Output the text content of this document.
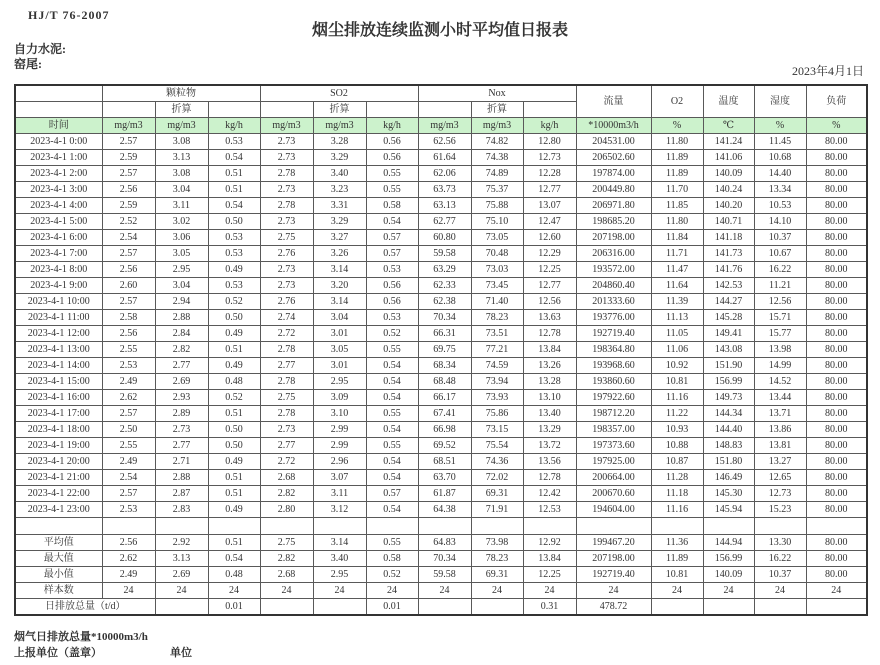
HJ/T 76-2007
烟尘排放连续监测小时平均值日报表
自力水泥:
窑尾:	2023年4月1日
	颗粒物			SO2			Nox			流量	O2	温度	湿度	负荷
		折算			折算			折算						
时间	mg/m3	mg/m3	kg/h	mg/m3	mg/m3	kg/h	mg/m3	mg/m3	kg/h	*10000m3/h	%	℃	%	%
2023-4-1 0:00	2.57	3.08	0.53	2.73	3.28	0.56	62.56	74.82	12.80	204531.00	11.80	141.24	11.45	80.00
2023-4-1 1:00	2.59	3.13	0.54	2.73	3.29	0.56	61.64	74.38	12.73	206502.60	11.89	141.06	10.68	80.00
2023-4-1 2:00	2.57	3.08	0.51	2.78	3.40	0.55	62.06	74.89	12.28	197874.00	11.89	140.09	14.40	80.00
2023-4-1 3:00	2.56	3.04	0.51	2.73	3.23	0.55	63.73	75.37	12.77	200449.80	11.70	140.24	13.34	80.00
2023-4-1 4:00	2.59	3.11	0.54	2.78	3.31	0.58	63.13	75.88	13.07	206971.80	11.85	140.20	10.53	80.00
2023-4-1 5:00	2.52	3.02	0.50	2.73	3.29	0.54	62.77	75.10	12.47	198685.20	11.80	140.71	14.10	80.00
2023-4-1 6:00	2.54	3.06	0.53	2.75	3.27	0.57	60.80	73.05	12.60	207198.00	11.84	141.18	10.37	80.00
2023-4-1 7:00	2.57	3.05	0.53	2.76	3.26	0.57	59.58	70.48	12.29	206316.00	11.71	141.73	10.67	80.00
2023-4-1 8:00	2.56	2.95	0.49	2.73	3.14	0.53	63.29	73.03	12.25	193572.00	11.47	141.76	16.22	80.00
2023-4-1 9:00	2.60	3.04	0.53	2.73	3.20	0.56	62.33	73.45	12.77	204860.40	11.64	142.53	11.21	80.00
2023-4-1 10:00	2.57	2.94	0.52	2.76	3.14	0.56	62.38	71.40	12.56	201333.60	11.39	144.27	12.56	80.00
2023-4-1 11:00	2.58	2.88	0.50	2.74	3.04	0.53	70.34	78.23	13.63	193776.00	11.13	145.28	15.71	80.00
2023-4-1 12:00	2.56	2.84	0.49	2.72	3.01	0.52	66.31	73.51	12.78	192719.40	11.05	149.41	15.77	80.00
2023-4-1 13:00	2.55	2.82	0.51	2.78	3.05	0.55	69.75	77.21	13.84	198364.80	11.06	143.08	13.98	80.00
2023-4-1 14:00	2.53	2.77	0.49	2.77	3.01	0.54	68.34	74.59	13.26	193968.60	10.92	151.90	14.99	80.00
2023-4-1 15:00	2.49	2.69	0.48	2.78	2.95	0.54	68.48	73.94	13.28	193860.60	10.81	156.99	14.52	80.00
2023-4-1 16:00	2.62	2.93	0.52	2.75	3.09	0.54	66.17	73.93	13.10	197922.60	11.16	149.73	13.44	80.00
2023-4-1 17:00	2.57	2.89	0.51	2.78	3.10	0.55	67.41	75.86	13.40	198712.20	11.22	144.34	13.71	80.00
2023-4-1 18:00	2.50	2.73	0.50	2.73	2.99	0.54	66.98	73.15	13.29	198357.00	10.93	144.40	13.86	80.00
2023-4-1 19:00	2.55	2.77	0.50	2.77	2.99	0.55	69.52	75.54	13.72	197373.60	10.88	148.83	13.81	80.00
2023-4-1 20:00	2.49	2.71	0.49	2.72	2.96	0.54	68.51	74.36	13.56	197925.00	10.87	151.80	13.27	80.00
2023-4-1 21:00	2.54	2.88	0.51	2.68	3.07	0.54	63.70	72.02	12.78	200664.00	11.28	146.49	12.65	80.00
2023-4-1 22:00	2.57	2.87	0.51	2.82	3.11	0.57	61.87	69.31	12.42	200670.60	11.18	145.30	12.73	80.00
2023-4-1 23:00	2.53	2.83	0.49	2.80	3.12	0.54	64.38	71.91	12.53	194604.00	11.16	145.94	15.23	80.00

平均值	2.56	2.92	0.51	2.75	3.14	0.55	64.83	73.98	12.92	199467.20	11.36	144.94	13.30	80.00
最大值	2.62	3.13	0.54	2.82	3.40	0.58	70.34	78.23	13.84	207198.00	11.89	156.99	16.22	80.00
最小值	2.49	2.69	0.48	2.68	2.95	0.52	59.58	69.31	12.25	192719.40	10.81	140.09	10.37	80.00
样本数	24	24	24	24	24	24	24	24	24	24	24	24	24	24
日排放总量（t/d）			0.01			0.01			0.31	478.72				
烟气日排放总量*10000m3/h
上报单位（盖章）	单位
